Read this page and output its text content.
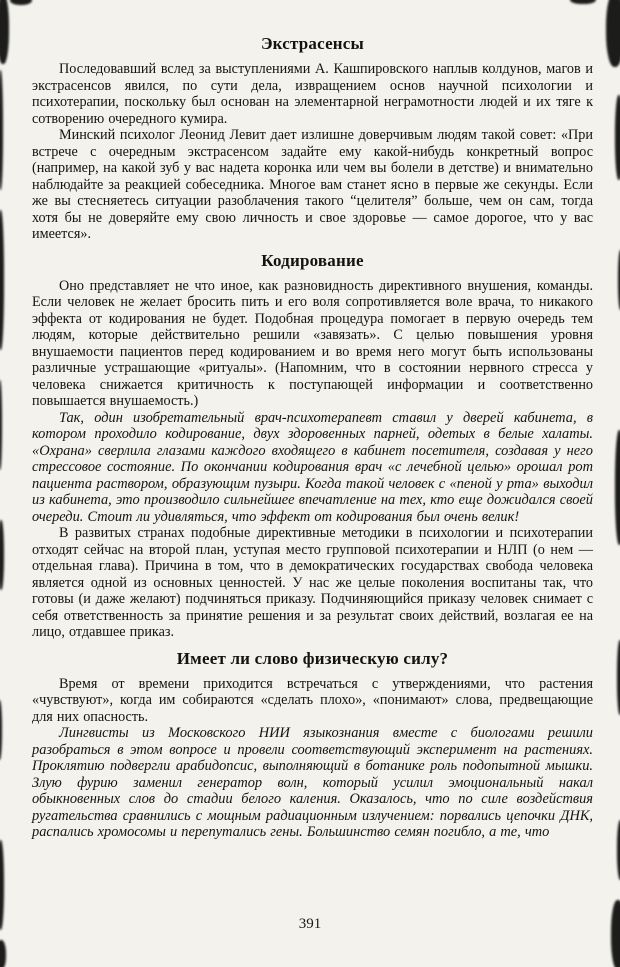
Экстрасенсы

Последовавший вслед за выступлениями А. Кашпировского наплыв колдунов, магов и экстрасенсов явился, по сути дела, извращением основ научной психологии и психотерапии, поскольку был основан на элементарной неграмотности людей и их тяге к сотворению очередного кумира.

Минский психолог Леонид Левит дает излишне доверчивым людям такой совет: «При встрече с очередным экстрасенсом задайте ему какой-нибудь конкретный вопрос (например, на какой зуб у вас надета коронка или чем вы болели в детстве) и внимательно наблюдайте за реакцией собеседника. Многое вам станет ясно в первые же секунды. Если же вы стесняетесь ситуации разоблачения такого “целителя” больше, чем он сам, тогда хотя бы не доверяйте ему свою личность и свое здоровье — самое дорогое, что у вас имеется».

Кодирование

Оно представляет не что иное, как разновидность директивного внушения, команды. Если человек не желает бросить пить и его воля сопротивляется воле врача, то никакого эффекта от кодирования не будет. Подобная процедура помогает в первую очередь тем людям, которые действительно решили «завязать». С целью повышения уровня внушаемости пациентов перед кодированием и во время него могут быть использованы различные устрашающие «ритуалы». (Напомним, что в состоянии нервного стресса у человека снижается критичность к поступающей информации и соответственно повышается внушаемость.)

Так, один изобретательный врач-психотерапевт ставил у дверей кабинета, в котором проходило кодирование, двух здоровенных парней, одетых в белые халаты. «Охрана» сверлила глазами каждого входящего в кабинет посетителя, создавая у него стрессовое состояние. По окончании кодирования врач «с лечебной целью» орошал рот пациента раствором, образующим пузыри. Когда такой человек с «пеной у рта» выходил из кабинета, это производило сильнейшее впечатление на тех, кто еще дожидался своей очереди. Стоит ли удивляться, что эффект от кодирования был очень велик!

В развитых странах подобные директивные методики в психологии и психотерапии отходят сейчас на второй план, уступая место групповой психотерапии и НЛП (о нем — отдельная глава). Причина в том, что в демократических государствах свобода человека является одной из основных ценностей. У нас же целые поколения воспитаны так, что готовы (и даже желают) подчиняться приказу. Подчиняющийся приказу человек снимает с себя ответственность за принятие решения и за результат своих действий, возлагая ее на лицо, отдавшее приказ.

Имеет ли слово физическую силу?

Время от времени приходится встречаться с утверждениями, что растения «чувствуют», когда им собираются «сделать плохо», «понимают» слова, предвещающие для них опасность.

Лингвисты из Московского НИИ языкознания вместе с биологами решили разобраться в этом вопросе и провели соответствующий эксперимент на растениях. Проклятию подвергли арабидопсис, выполняющий в ботанике роль подопытной мышки. Злую фурию заменил генератор волн, который усилил эмоциональный накал обыкновенных слов до стадии белого каления. Оказалось, что по силе воздействия ругательства сравнились с мощным радиационным излучением: порвались цепочки ДНК, распались хромосомы и перепутались гены. Большинство семян погибло, а те, что

391
